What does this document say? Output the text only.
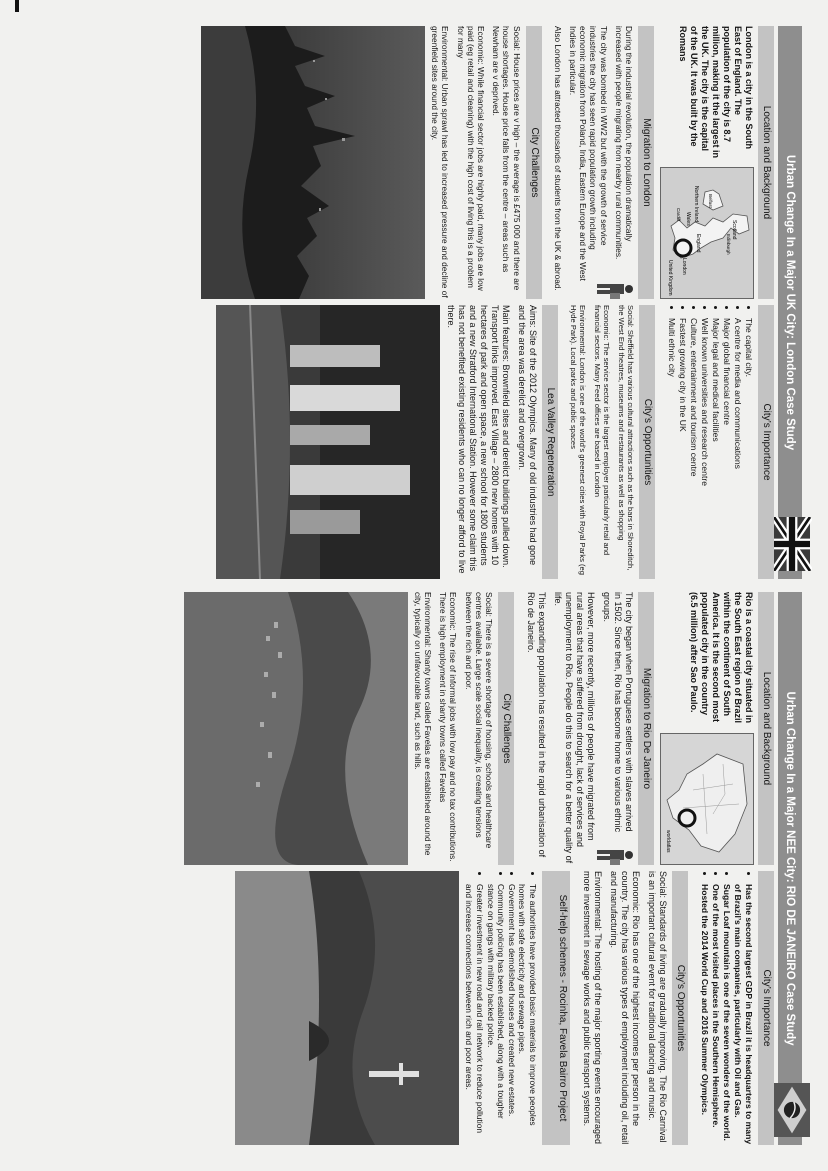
Urban Change In a Major UK City: London Case Study
Location and Background

London is a city in the South East of England. The population of the city is 8.7 million, making it the largest in the UK. The city is the capital of the UK. It was built by the Romans

Scotland
Northern Ireland
England
Wales
London
United Kingdom
Edinburgh
Belfast
Cardiff
Migration to London

During the industrial revolution, the population dramatically increased with people migrating from nearby rural communities.

The city was bombed in WW2 but with the growth of service industries the city has seen rapid population growth including economic migration from Poland, India, Eastern Europe and the West Indies in particular.

Also London has attracted thousands of students from the UK & abroad.

City Challenges

Social: House prices are v high – the average is £475 000 and there are house shortages. House price falls from the centre – areas such as Newham are v deprived.

Economic: While financial sector jobs are highly paid, many jobs are low paid (eg retail and cleaning) with the high cost of living this is a problem for many

Environmental: Urban sprawl has led to increased pressure and decline of greenfield sites around the city.

City’s Importance
• The capital city.
• A centre for media and communications
• Major global financial centre
• Major legal and medical facilities
• Well known universities and research centre
• Culture, entertainment and tourism centre
• Fastest growing city in the UK
• Multi ethnic city
City’s Opportunities

Social: Sheffield has various cultural attractions such as the bars in Shoreditch, the West End theatres, museums and restaurants as well as shopping

Economic: The service sector is the largest employer particularly retail and financial sectors. Many Feed offices are based in London

Environmental: London is one of the world’s greenest cities with Royal Parks (eg Hyde Park). Local parks and public spaces

Lea Valley Regeneration

Aims: Site of the 2012 Olympics. Many of old industries had gone and the area was derelict and overgrown.

Main features: Brownfield sites and derelict buildings pulled down. Transport links improved. East Village – 2800 new homes with 10 hectares of park and open space, a new school for 1800 students and a new Stratford International Station. However some claim this has not benefited existing residents who can no longer afford to live there.

Urban Change In a Major NEE City: RIO DE JANEIRO Case Study
Location and Background

Rio is a coastal city situated in the South East region of Brazil within the continent of South America. It is the second most populated city in the country (6.5 million) after Sao Paulo.

worldatlas
Migration to Rio De Janeiro

The city began when Portuguese settlers with slaves arrived in 1502. Since then, Rio has become home to various ethnic groups.

However, more recently, millions of people have migrated from rural areas that have suffered from drought, lack of services and unemployment to Rio. People do this to search for a better quality of life.

This expanding population has resulted in the rapid urbanisation of Rio de Janeiro.

City Challenges

Social: There is a severe shortage of housing, schools and healthcare centres available. Large scale social inequality, is creating tensions between the rich and poor.

Economic: The rise of informal jobs with low pay and no tax contributions. There is high employment in shanty towns called Favelas

Environmental: Shanty towns called Favelas are established around the city, typically on unfavourable land, such as hills.

City’s Importance
• Has the second largest GDP in Brazil it is headquarters to many of Brazil’s main companies, particularly with Oil and Gas.
• Sugar Loaf mountain is one of the seven wonders of the world.
• One of the most visited places in the Southern Hemisphere.
• Hosted the 2014 World Cup and 2016 Summer Olympics.
City’s Opportunities

Social: Standards of living are gradually improving. The Rio Carnival is an important cultural event for traditional dancing and music.

Economic: Rio has one of the highest incomes per person in the country. The city has various types of employment including oil, retail and manufacturing.

Environmental: The hosting of the major sporting events encouraged more investment in sewage works and public transport systems.

Self-help schemes - Rocinha, Favela Bairro Project
• The authorities have provided basic materials to improve peoples homes with safe electricity and sewage pipes.
• Government has demolished houses and created new estates.
• Community policing has been established, along with a tougher stance on gangs with military backed police.
• Greater investment in new road and rail network to reduce pollution and increase connections between rich and poor areas.
